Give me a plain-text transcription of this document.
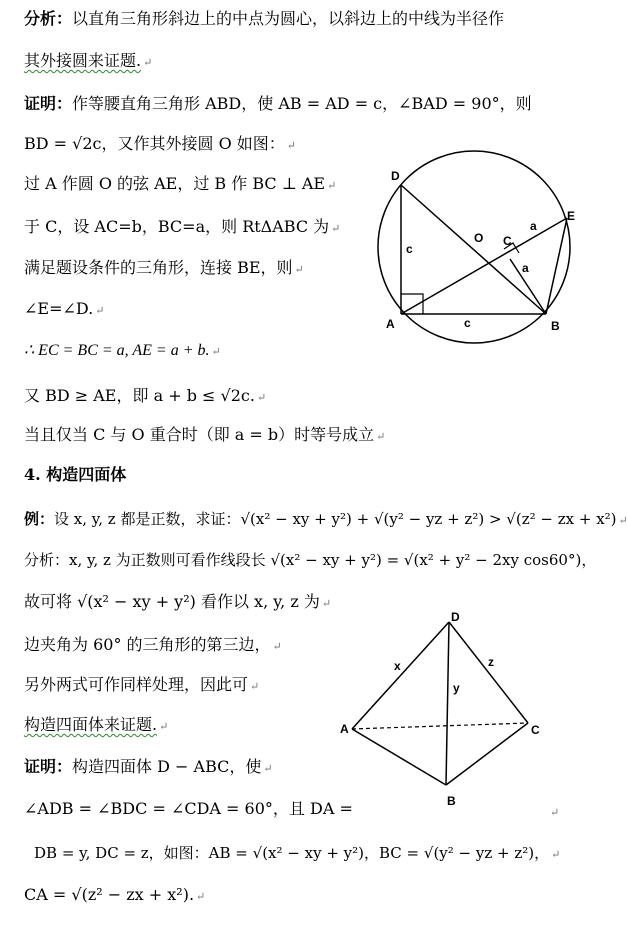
分析：以直角三角形斜边上的中点为圆心，以斜边上的中线为半径作
其外接圆来证题. ↵
证明：作等腰直角三角形 ABD，使 AB = AD = c，∠BAD = 90°，则
BD = √2c，又作其外接圆 O 如图： ↵
过 A 作圆 O 的弦 AE，过 B 作 BC ⊥ AE ↵
于 C，设 AC=b，BC=a，则 RtΔABC 为 ↵
满足题设条件的三角形，连接 BE，则 ↵
∠E=∠D. ↵
∴ EC = BC = a, AE = a + b. ↵
又 BD ≥ AE，即 a + b ≤ √2c. ↵
当且仅当 C 与 O 重合时（即 a = b）时等号成立 ↵
4. 构造四面体
例：设 x, y, z 都是正数，求证：√(x² − xy + y²) + √(y² − yz + z²) > √(z² − zx + x²) ↵
分析：x, y, z 为正数则可看作线段长 √(x² − xy + y²) = √(x² + y² − 2xy cos60°)，
故可将 √(x² − xy + y²) 看作以 x, y, z 为 ↵
边夹角为 60° 的三角形的第三边， ↵
另外两式可作同样处理，因此可 ↵
构造四面体来证题. ↵
证明：构造四面体 D − ABC，使 ↵
∠ADB = ∠BDC = ∠CDA = 60°，且 DA =
DB = y, DC = z，如图：AB = √(x² − xy + y²)，BC = √(y² − yz + z²)， ↵
CA = √(z² − zx + x²). ↵
↵
D
A	B
E
O C
c
c
a
a
D
A	C
B
x
y
z
